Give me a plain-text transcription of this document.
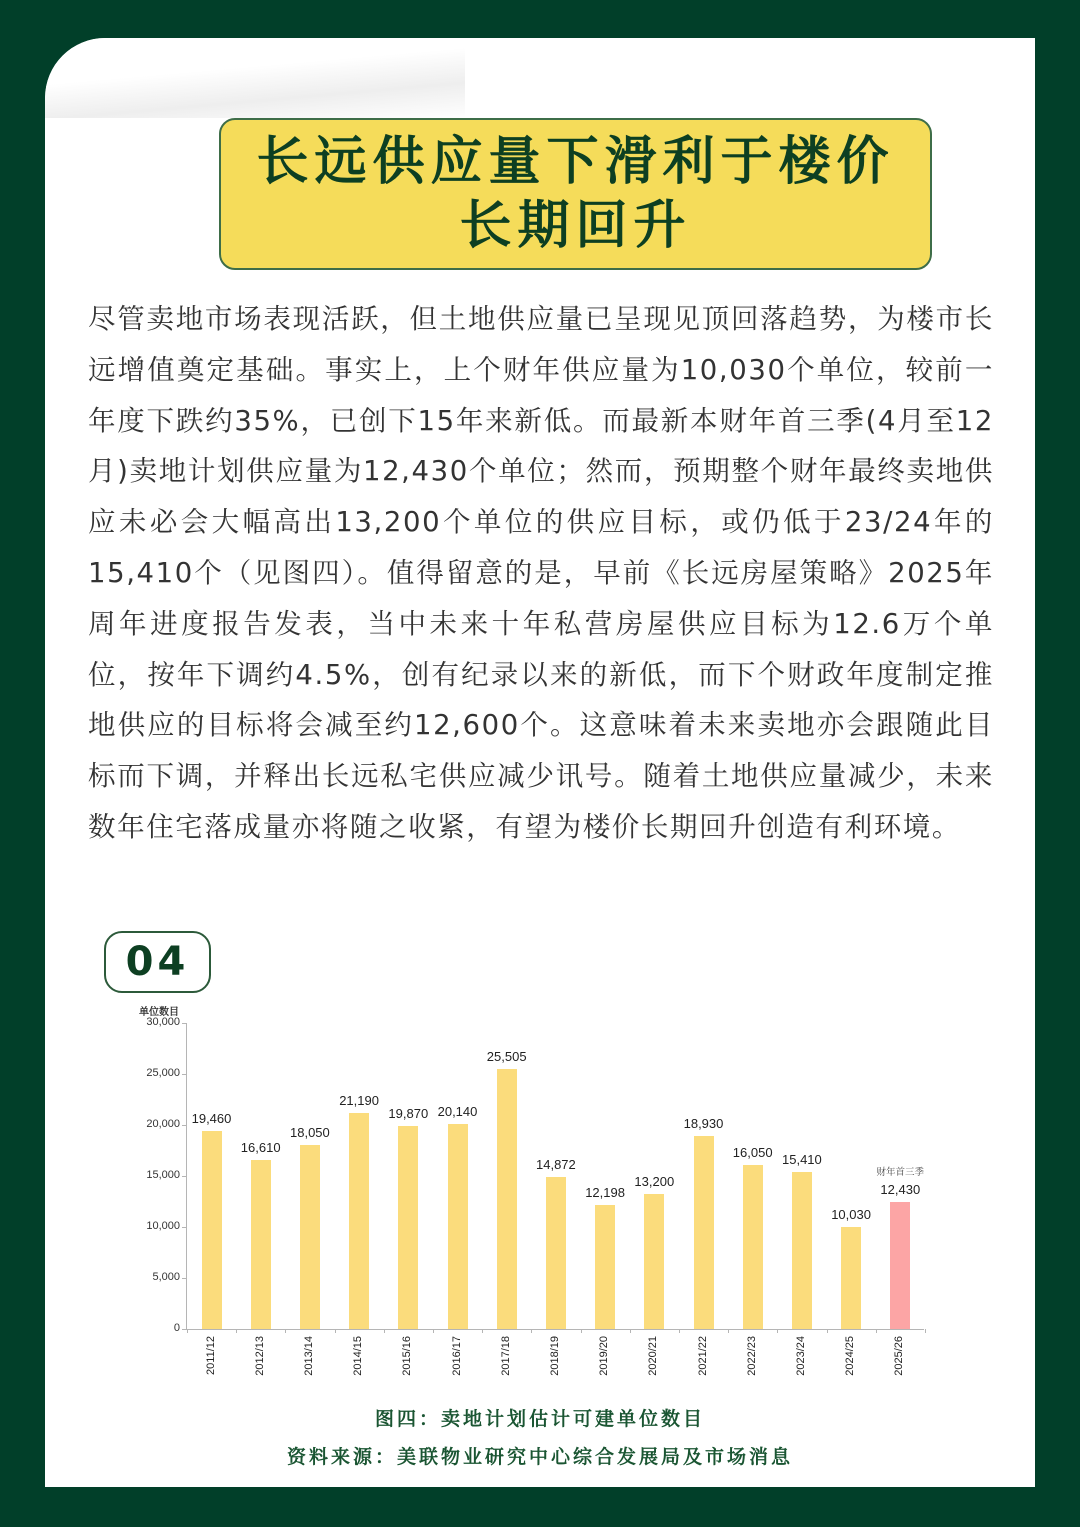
长远供应量下滑利于楼价
长期回升
尽管卖地市场表现活跃，但土地供应量已呈现见顶回落趋势，为楼市长远增值奠定基础。事实上，上个财年供应量为10,030个单位，较前一年度下跌约35%，已创下15年来新低。而最新本财年首三季(4月至12月)卖地计划供应量为12,430个单位；然而，预期整个财年最终卖地供应未必会大幅高出13,200个单位的供应目标，或仍低于23/24年的15,410个（见图四）。值得留意的是，早前《长远房屋策略》2025年周年进度报告发表，当中未来十年私营房屋供应目标为12.6万个单位，按年下调约4.5%，创有纪录以来的新低，而下个财政年度制定推地供应的目标将会减至约12,600个。这意味着未来卖地亦会跟随此目标而下调，并释出长远私宅供应减少讯号。随着土地供应量减少，未来数年住宅落成量亦将随之收紧，有望为楼价长期回升创造有利环境。
04
单位数目
0
5,000
10,000
15,000
20,000
25,000
30,000
19,460
2011/12
16,610
2012/13
18,050
2013/14
21,190
2014/15
19,870
2015/16
20,140
2016/17
25,505
2017/18
14,872
2018/19
12,198
2019/20
13,200
2020/21
18,930
2021/22
16,050
2022/23
15,410
2023/24
10,030
2024/25
12,430
财年首三季
2025/26
图四：卖地计划估计可建单位数目
资料来源：美联物业研究中心综合发展局及市场消息
